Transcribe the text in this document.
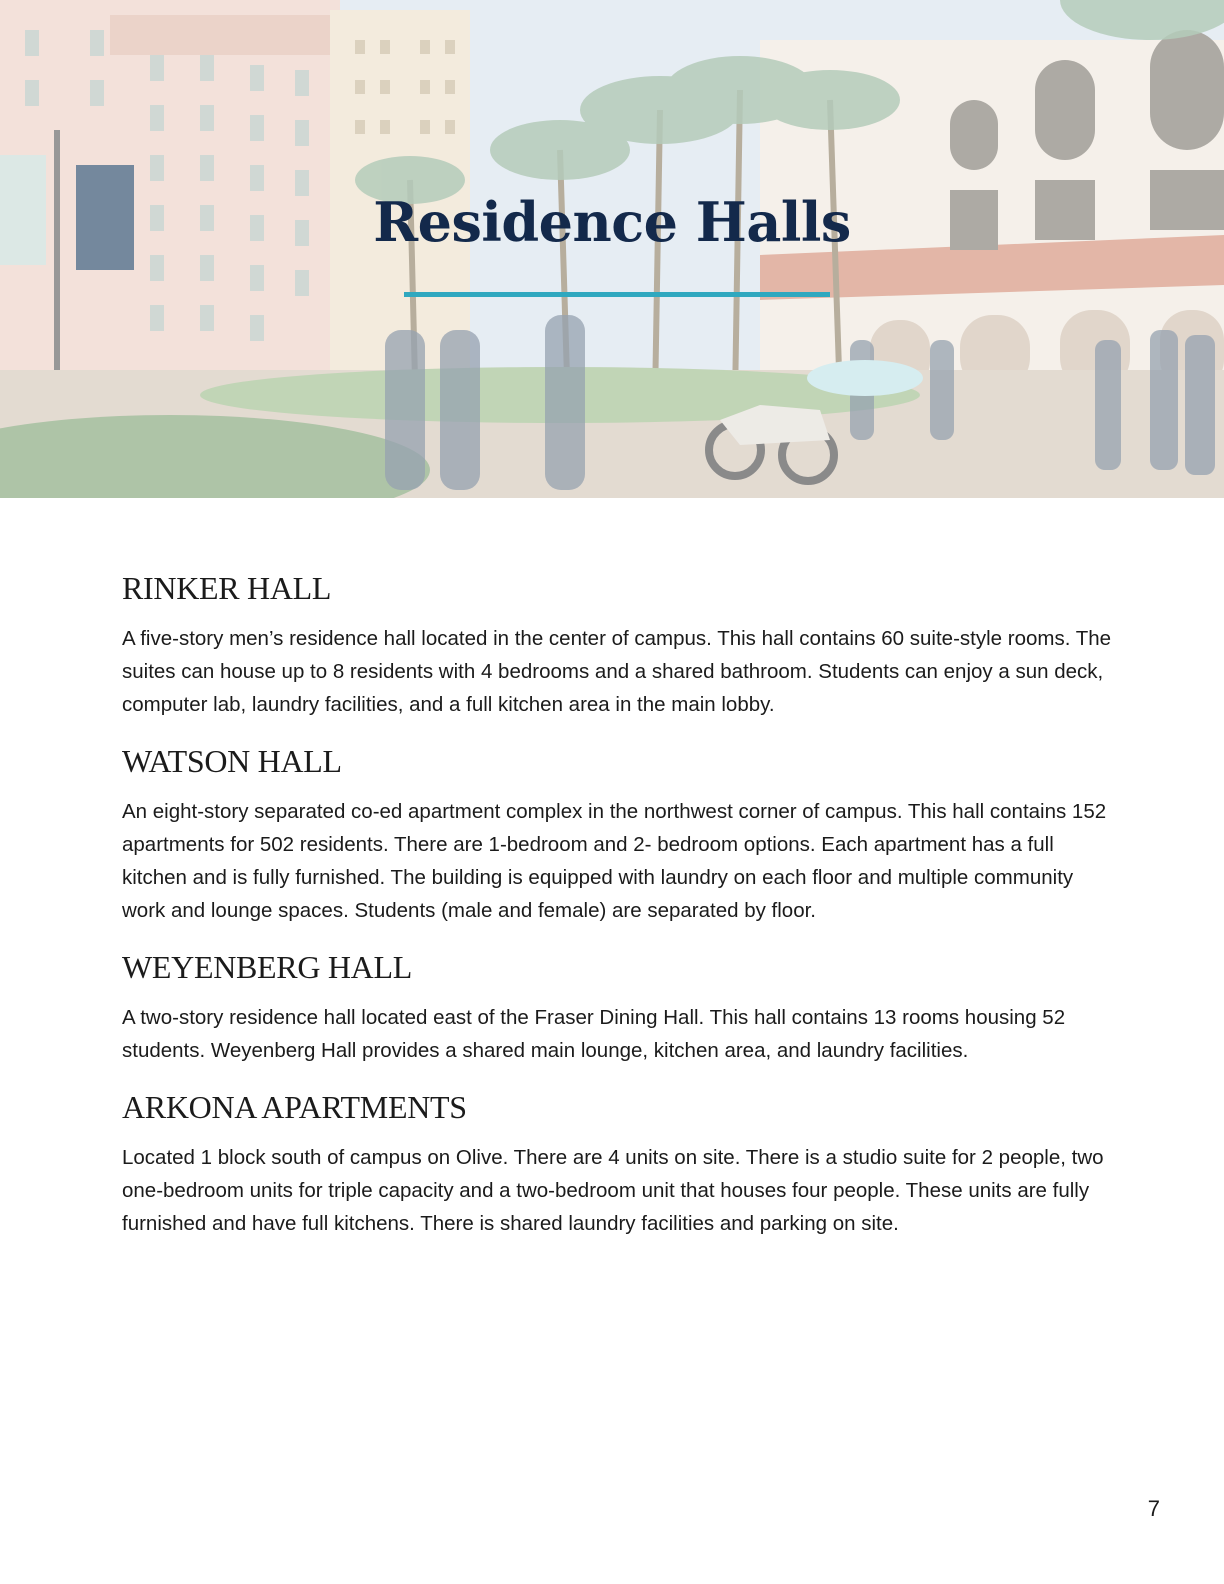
Residence Halls
RINKER HALL

A five-story men’s residence hall located in the center of campus. This hall contains 60 suite-style rooms. The suites can house up to 8 residents with 4 bedrooms and a shared bathroom. Students can enjoy a sun deck, computer lab, laundry facilities, and a full kitchen area in the main lobby.

WATSON HALL

An eight-story separated co-ed apartment complex in the northwest corner of campus. This hall contains 152 apartments for 502 residents. There are 1-bedroom and 2- bedroom options. Each apartment has a full kitchen and is fully furnished. The building is equipped with laundry on each floor and multiple community work and lounge spaces. Students (male and female) are separated by floor.

WEYENBERG HALL

A two-story residence hall located east of the Fraser Dining Hall. This hall contains 13 rooms housing 52 students. Weyenberg Hall provides a shared main lounge, kitchen area, and laundry facilities.

ARKONA APARTMENTS

Located 1 block south of campus on Olive. There are 4 units on site. There is a studio suite for 2 people, two one-bedroom units for triple capacity and a two-bedroom unit that houses four people. These units are fully furnished and have full kitchens. There is shared laundry facilities and parking on site.

7
